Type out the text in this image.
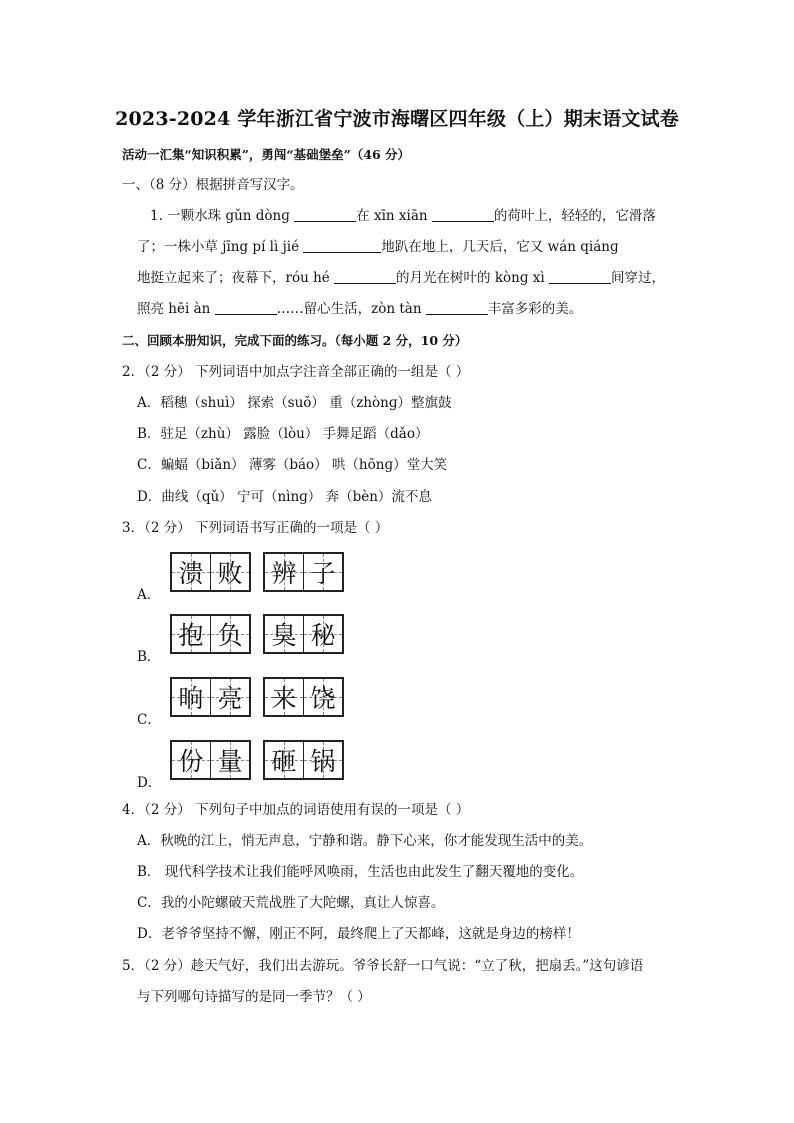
2023-2024 学年浙江省宁波市海曙区四年级（上）期末语文试卷
活动一汇集“知识积累”，勇闯“基础堡垒”（46 分）
一、（8 分）根据拼音写汉字。
1. 一颗水珠 gǔn dònɡ	在 xīn xiān	的荷叶上，轻轻的，它滑落
了；一株小草 jīng pí lì jié	地趴在地上，几天后，它又 wán qiánɡ
地挺立起来了；夜幕下，róu hé	的月光在树叶的 kònɡ xì	间穿过，
照亮 hēi àn	……留心生活，zòn tàn	丰富多彩的美。
二、回顾本册知识，完成下面的练习。（每小题 2 分，10 分）
2．（2 分） 下列词语中加点字注音全部正确的一组是（ ）
A．稻穗（shuì） 探索（suǒ） 重（zhònɡ）整旗鼓
B．驻足（zhù） 露脸（lòu） 手舞足蹈（dǎo）
C．蝙蝠（biǎn） 薄雾（báo） 哄（hōnɡ）堂大笑
D．曲线（qǔ） 宁可（nìnɡ） 奔（bèn）流不息
3．（2 分） 下列词语书写正确的一项是（ ）
A．
溃 败 辨 子
B．
抱 负 臭 秘
C．
晌 亮 来 饶
D．
份 量 砸 锅
4．（2 分） 下列句子中加点的词语使用有误的一项是（ ）
A．秋晚的江上，悄无声息，宁静和谐。静下心来，你才能发现生活中的美。
B． 现代科学技术让我们能呼风唤雨，生活也由此发生了翻天覆地的变化。
C．我的小陀螺破天荒战胜了大陀螺，真让人惊喜。
D．老爷爷坚持不懈，刚正不阿，最终爬上了天都峰，这就是身边的榜样！
5．（2 分）趁天气好，我们出去游玩。爷爷长舒一口气说：“立了秋，把扇丢。”这句谚语
与下列哪句诗描写的是同一季节？（ ）
